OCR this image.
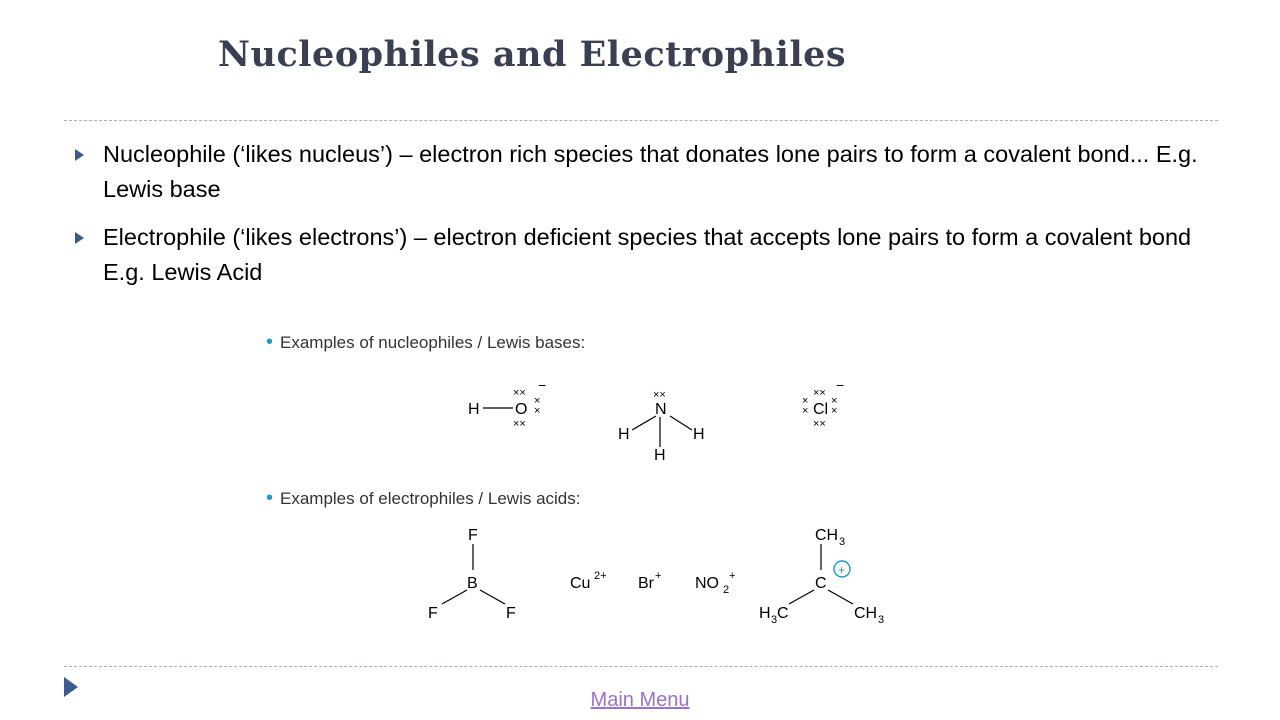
Nucleophiles and Electrophiles
Nucleophile (‘likes nucleus’) – electron rich species that donates lone pairs to form a covalent bond... E.g. Lewis base
Electrophile (‘likes electrons’) – electron deficient species that accepts lone pairs to form a covalent bond E.g. Lewis Acid
• Examples of nucleophiles / Lewis bases:
H O
××
××
×
×
−
××
N
H	H
H
××
Cl
××
×
×
×
×
−
• Examples of electrophiles / Lewis acids:
F
B
F	F
Cu 2+ Br + NO 2
+
CH 3
C
+
H 3 C	CH 3
Main Menu
